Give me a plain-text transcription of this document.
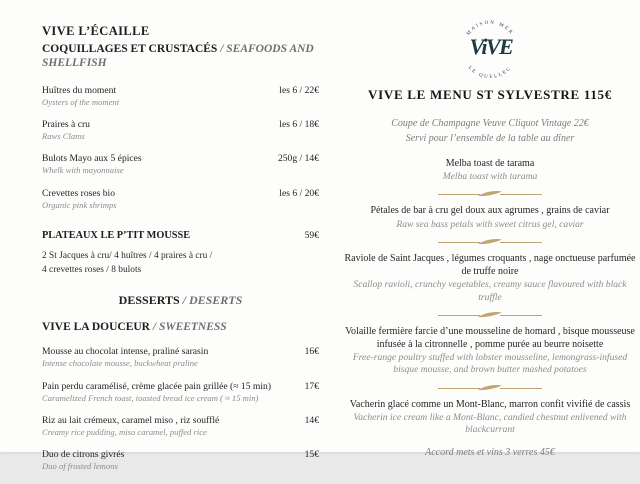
VIVE L’ÉCAILLE
COQUILLAGES ET CRUSTACÉS / SEAFOODS AND SHELLFISH
Huîtres du moment	les 6 / 22€
Oysters of the moment
Praires à cru	les 6 / 18€
Raws Clams
Bulots Mayo aux 5 épices	250g / 14€
Whelk with mayonnaise
Crevettes roses bio	les 6 / 20€
Organic pink shrimps
PLATEAUX LE P’TIT MOUSSE	59€
2 St Jacques à cru/ 4 huîtres / 4 praires à cru /
4 crevettes roses / 8 bulots
DESSERTS / DESERTS
VIVE LA DOUCEUR / SWEETNESS
Mousse au chocolat intense, praliné sarasin	16€
Intense chocolate mousse, buckwheat praline
Pain perdu caramélisé, crème glacée pain grillée (≈ 15 min)	17€
Caramelized French toast, toasted bread ice cream ( ≈ 15 min)
Riz au lait crémeux, caramel miso , riz soufflé	14€
Creamy rice pudding, miso caramel, puffed rice
Duo de citrons givrés	15€
Duo of frosted lemons
MAISON MER
LE QUELLEC
ViVE
VIVE LE MENU ST SYLVESTRE 115€
Coupe de Champagne Veuve Cliquot Vintage 22€
Servi pour l’ensemble de la table au dîner
Melba toast de tarama
Melba toast with tarama
Pétales de bar à cru gel doux aux agrumes , grains de caviar
Raw sea bass petals with sweet citrus gel, caviar
Raviole de Saint Jacques , légumes croquants , nage onctueuse parfumée de truffe noire
Scallop ravioli, crunchy vegetables, creamy sauce flavoured with black truffle
Volaille fermière farcie d’une mousseline de homard , bisque mousseuse infusée à la citronnelle , pomme purée au beurre noisette
Free-range poultry stuffed with lobster mousseline, lemongrass-infused bisque mousse, and brown butter mashed potatoes
Vacherin glacé comme un Mont-Blanc, marron confit vivifié de cassis
Vacherin ice cream like a Mont-Blanc, candied chestnut enlivened with blackcurrant
Accord mets et vins 3 verres 45€
